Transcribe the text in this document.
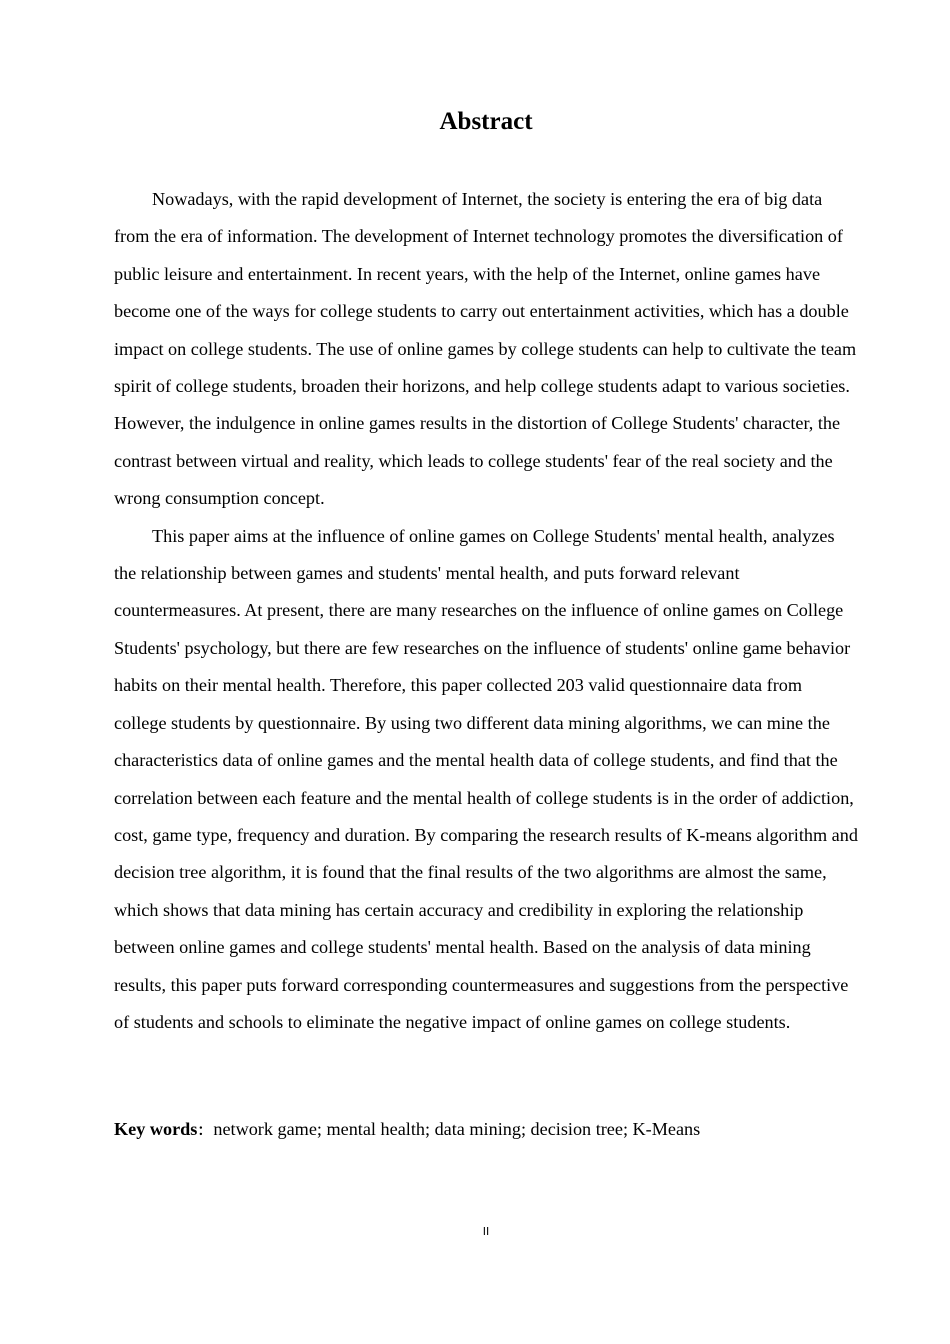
Abstract

Nowadays, with the rapid development of Internet, the society is entering the era of big data from the era of information. The development of Internet technology promotes the diversification of public leisure and entertainment. In recent years, with the help of the Internet, online games have become one of the ways for college students to carry out entertainment activities, which has a double impact on college students. The use of online games by college students can help to cultivate the team spirit of college students, broaden their horizons, and help college students adapt to various societies. However, the indulgence in online games results in the distortion of College Students' character, the contrast between virtual and reality, which leads to college students' fear of the real society and the wrong consumption concept.

This paper aims at the influence of online games on College Students' mental health, analyzes the relationship between games and students' mental health, and puts forward relevant countermeasures. At present, there are many researches on the influence of online games on College Students' psychology, but there are few researches on the influence of students' online game behavior habits on their mental health. Therefore, this paper collected 203 valid questionnaire data from college students by questionnaire. By using two different data mining algorithms, we can mine the characteristics data of online games and the mental health data of college students, and find that the correlation between each feature and the mental health of college students is in the order of addiction, cost, game type, frequency and duration. By comparing the research results of K-means algorithm and decision tree algorithm, it is found that the final results of the two algorithms are almost the same, which shows that data mining has certain accuracy and credibility in exploring the relationship between online games and college students' mental health. Based on the analysis of data mining results, this paper puts forward corresponding countermeasures and suggestions from the perspective of students and schools to eliminate the negative impact of online games on college students.

Key words：network game; mental health; data mining; decision tree; K-Means

II
